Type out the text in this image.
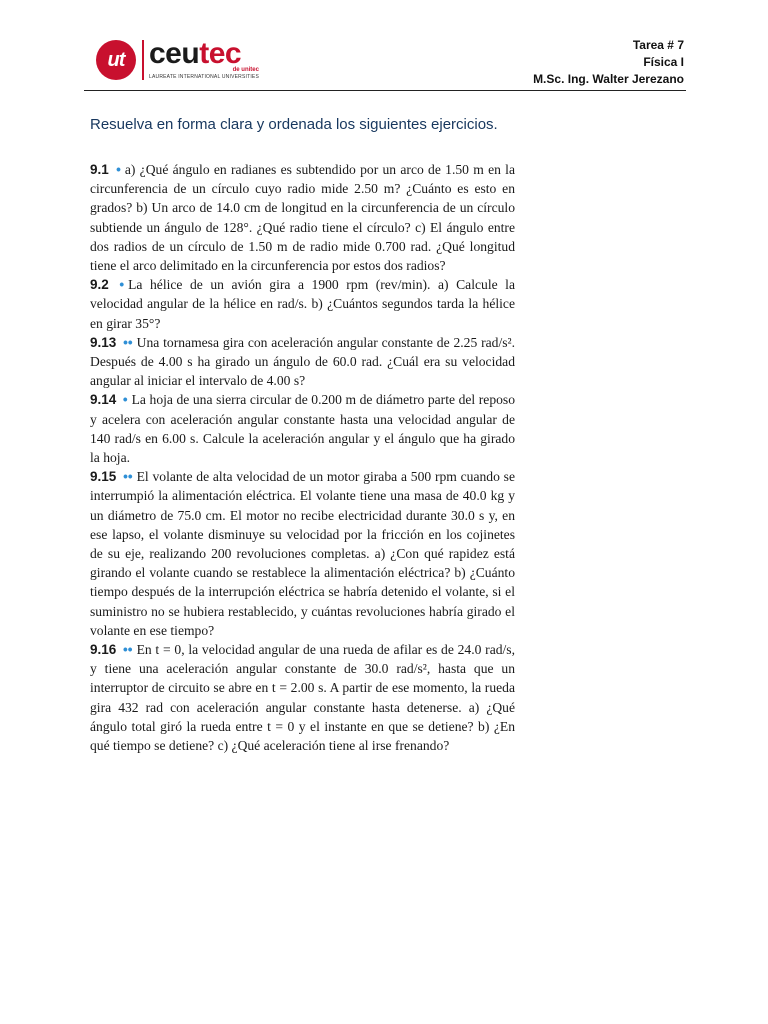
ut ceutec
de unitec
LAUREATE INTERNATIONAL UNIVERSITIES
Tarea # 7
Física I
M.Sc. Ing. Walter Jerezano
Resuelva en forma clara y ordenada los siguientes ejercicios.

9.1 • a) ¿Qué ángulo en radianes es subtendido por un arco de 1.50 m en la circunferencia de un círculo cuyo radio mide 2.50 m? ¿Cuánto es esto en grados? b) Un arco de 14.0 cm de longitud en la circunferencia de un círculo subtiende un ángulo de 128°. ¿Qué radio tiene el círculo? c) El ángulo entre dos radios de un círculo de 1.50 m de radio mide 0.700 rad. ¿Qué longitud tiene el arco delimitado en la circunferencia por estos dos radios?

9.2 • La hélice de un avión gira a 1900 rpm (rev/min). a) Calcule la velocidad angular de la hélice en rad/s. b) ¿Cuántos segundos tarda la hélice en girar 35°?

9.13 •• Una tornamesa gira con aceleración angular constante de 2.25 rad/s². Después de 4.00 s ha girado un ángulo de 60.0 rad. ¿Cuál era su velocidad angular al iniciar el intervalo de 4.00 s?

9.14 • La hoja de una sierra circular de 0.200 m de diámetro parte del reposo y acelera con aceleración angular constante hasta una velocidad angular de 140 rad/s en 6.00 s. Calcule la aceleración angular y el ángulo que ha girado la hoja.

9.15 •• El volante de alta velocidad de un motor giraba a 500 rpm cuando se interrumpió la alimentación eléctrica. El volante tiene una masa de 40.0 kg y un diámetro de 75.0 cm. El motor no recibe electricidad durante 30.0 s y, en ese lapso, el volante disminuye su velocidad por la fricción en los cojinetes de su eje, realizando 200 revoluciones completas. a) ¿Con qué rapidez está girando el volante cuando se restablece la alimentación eléctrica? b) ¿Cuánto tiempo después de la interrupción eléctrica se habría detenido el volante, si el suministro no se hubiera restablecido, y cuántas revoluciones habría girado el volante en ese tiempo?

9.16 •• En t = 0, la velocidad angular de una rueda de afilar es de 24.0 rad/s, y tiene una aceleración angular constante de 30.0 rad/s², hasta que un interruptor de circuito se abre en t = 2.00 s. A partir de ese momento, la rueda gira 432 rad con aceleración angular constante hasta detenerse. a) ¿Qué ángulo total giró la rueda entre t = 0 y el instante en que se detiene? b) ¿En qué tiempo se detiene? c) ¿Qué aceleración tiene al irse frenando?
